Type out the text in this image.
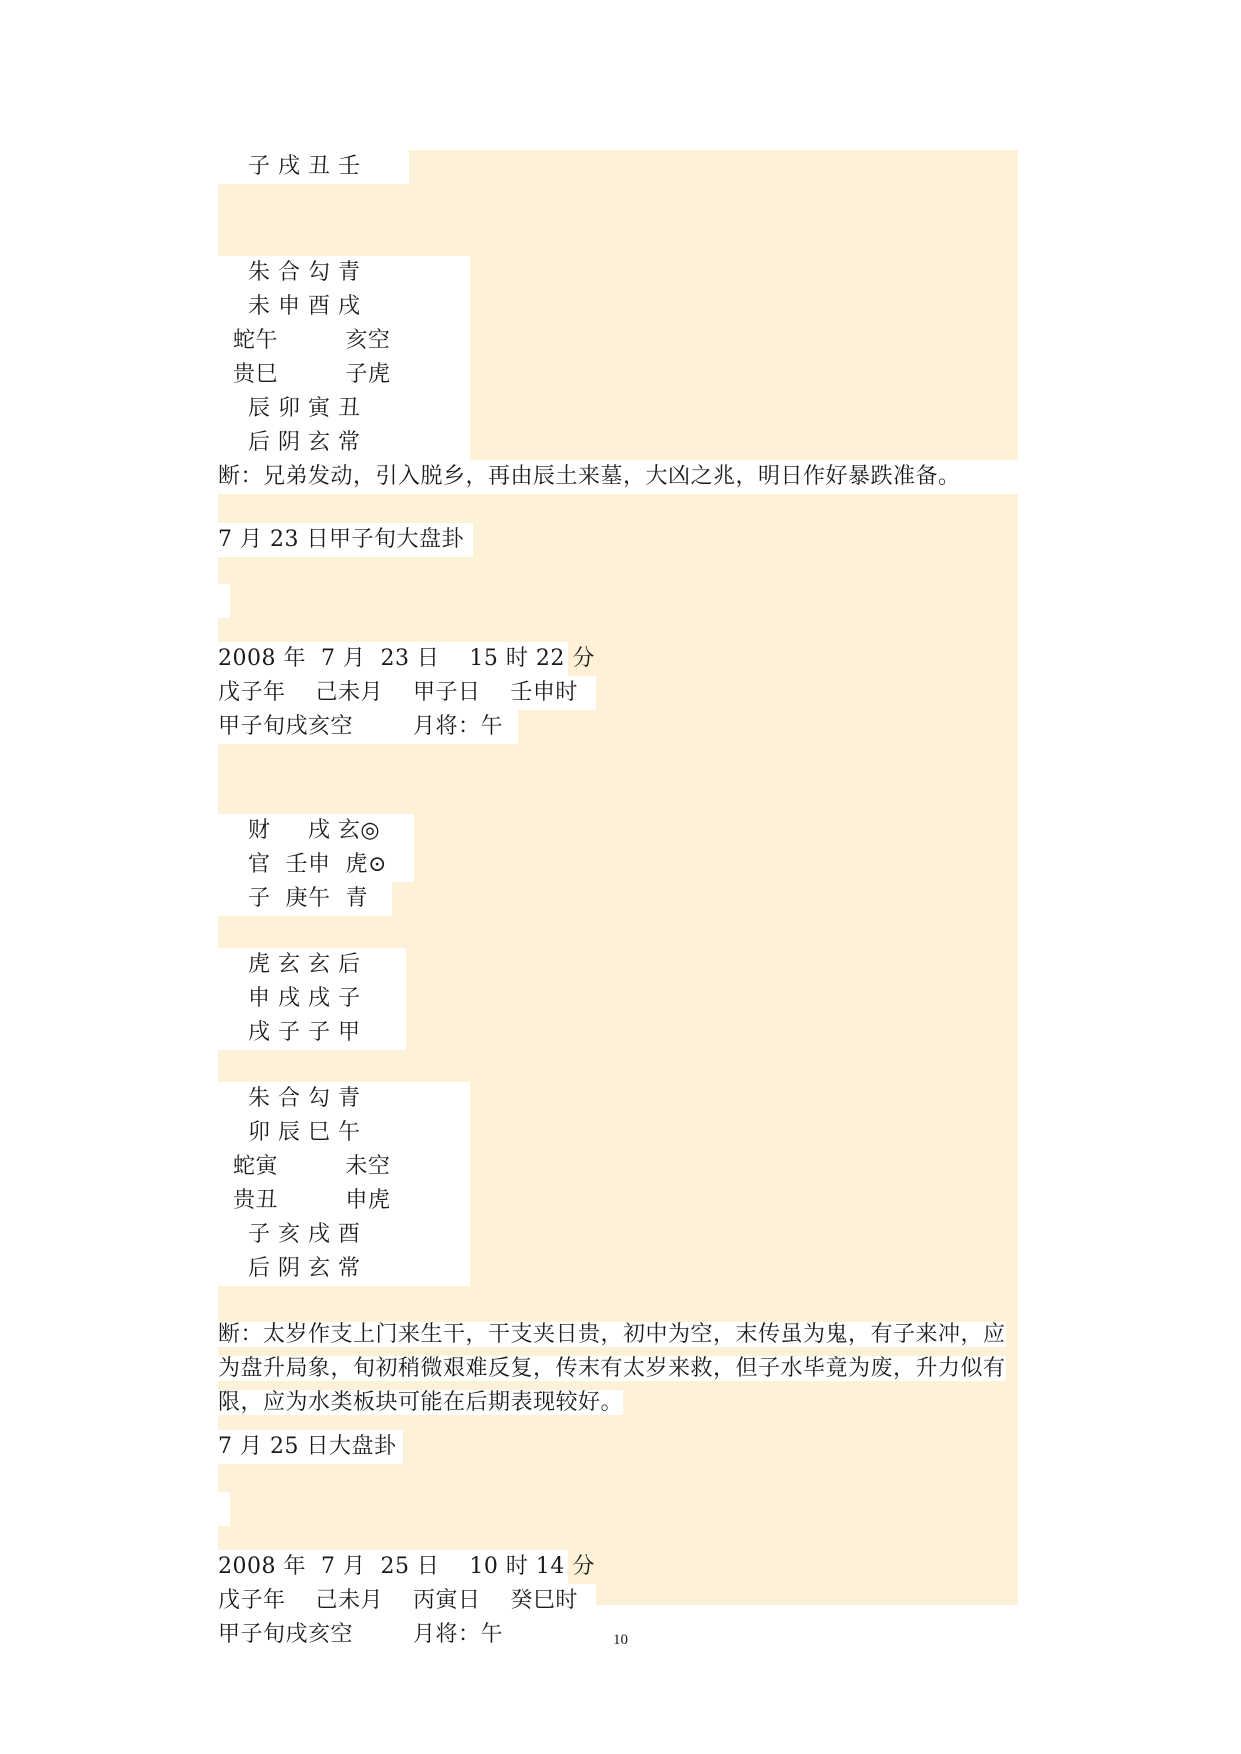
子 戌 丑 壬
朱 合 勾 青
未 申 酉 戌
蛇午         亥空
贵巳         子虎
辰 卯 寅 丑
后 阴 玄 常
断：兄弟发动，引入脱乡，再由辰土来墓，大凶之兆，明日作好暴跌准备。
7 月 23 日甲子旬大盘卦
2008 年  7 月  23 日    15 时 22 分
戊子年    己未月    甲子日    壬申时
甲子旬戌亥空        月将：午
财     戌 玄◎
官  壬申  虎⊙
子  庚午  青
虎 玄 玄 后
申 戌 戌 子
戌 子 子 甲
朱 合 勾 青
卯 辰 巳 午
蛇寅         未空
贵丑         申虎
子 亥 戌 酉
后 阴 玄 常
断：太岁作支上门来生干，干支夹日贵，初中为空，末传虽为鬼，有子来冲，应为盘升局象，旬初稍微艰难反复，传末有太岁来救，但子水毕竟为废，升力似有限，应为水类板块可能在后期表现较好。
7 月 25 日大盘卦
2008 年  7 月  25 日    10 时 14 分
戊子年    己未月    丙寅日    癸巳时
甲子旬戌亥空        月将：午	10
